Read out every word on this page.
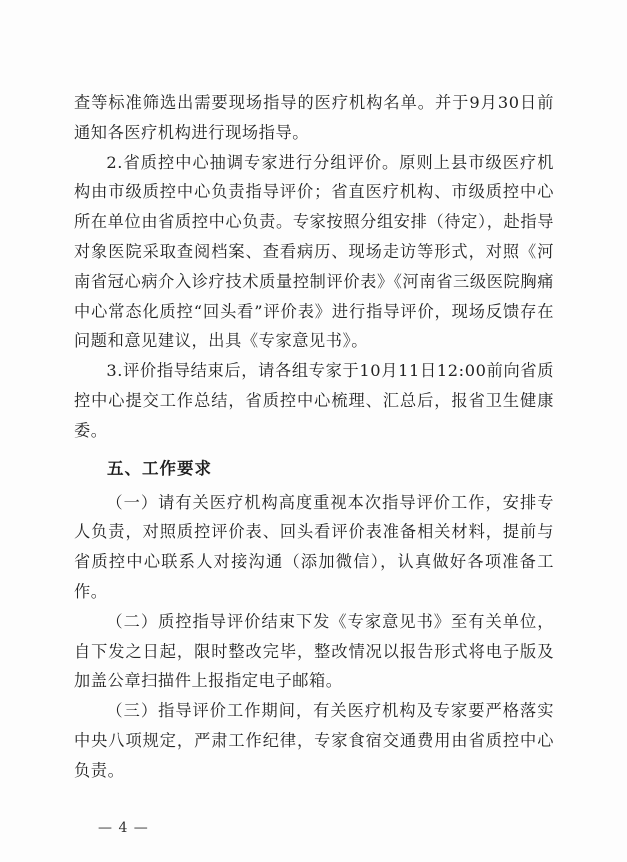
查等标准筛选出需要现场指导的医疗机构名单。并于9月30日前通知各医疗机构进行现场指导。

2.省质控中心抽调专家进行分组评价。原则上县市级医疗机构由市级质控中心负责指导评价；省直医疗机构、市级质控中心所在单位由省质控中心负责。专家按照分组安排（待定），赴指导对象医院采取查阅档案、查看病历、现场走访等形式，对照《河南省冠心病介入诊疗技术质量控制评价表》《河南省三级医院胸痛中心常态化质控“回头看”评价表》进行指导评价，现场反馈存在问题和意见建议，出具《专家意见书》。

3.评价指导结束后，请各组专家于10月11日12:00前向省质控中心提交工作总结，省质控中心梳理、汇总后，报省卫生健康委。

五、工作要求

（一）请有关医疗机构高度重视本次指导评价工作，安排专人负责，对照质控评价表、回头看评价表准备相关材料，提前与省质控中心联系人对接沟通（添加微信），认真做好各项准备工作。

（二）质控指导评价结束下发《专家意见书》至有关单位，自下发之日起，限时整改完毕，整改情况以报告形式将电子版及加盖公章扫描件上报指定电子邮箱。

（三）指导评价工作期间，有关医疗机构及专家要严格落实中央八项规定，严肃工作纪律，专家食宿交通费用由省质控中心负责。

— 4 —
